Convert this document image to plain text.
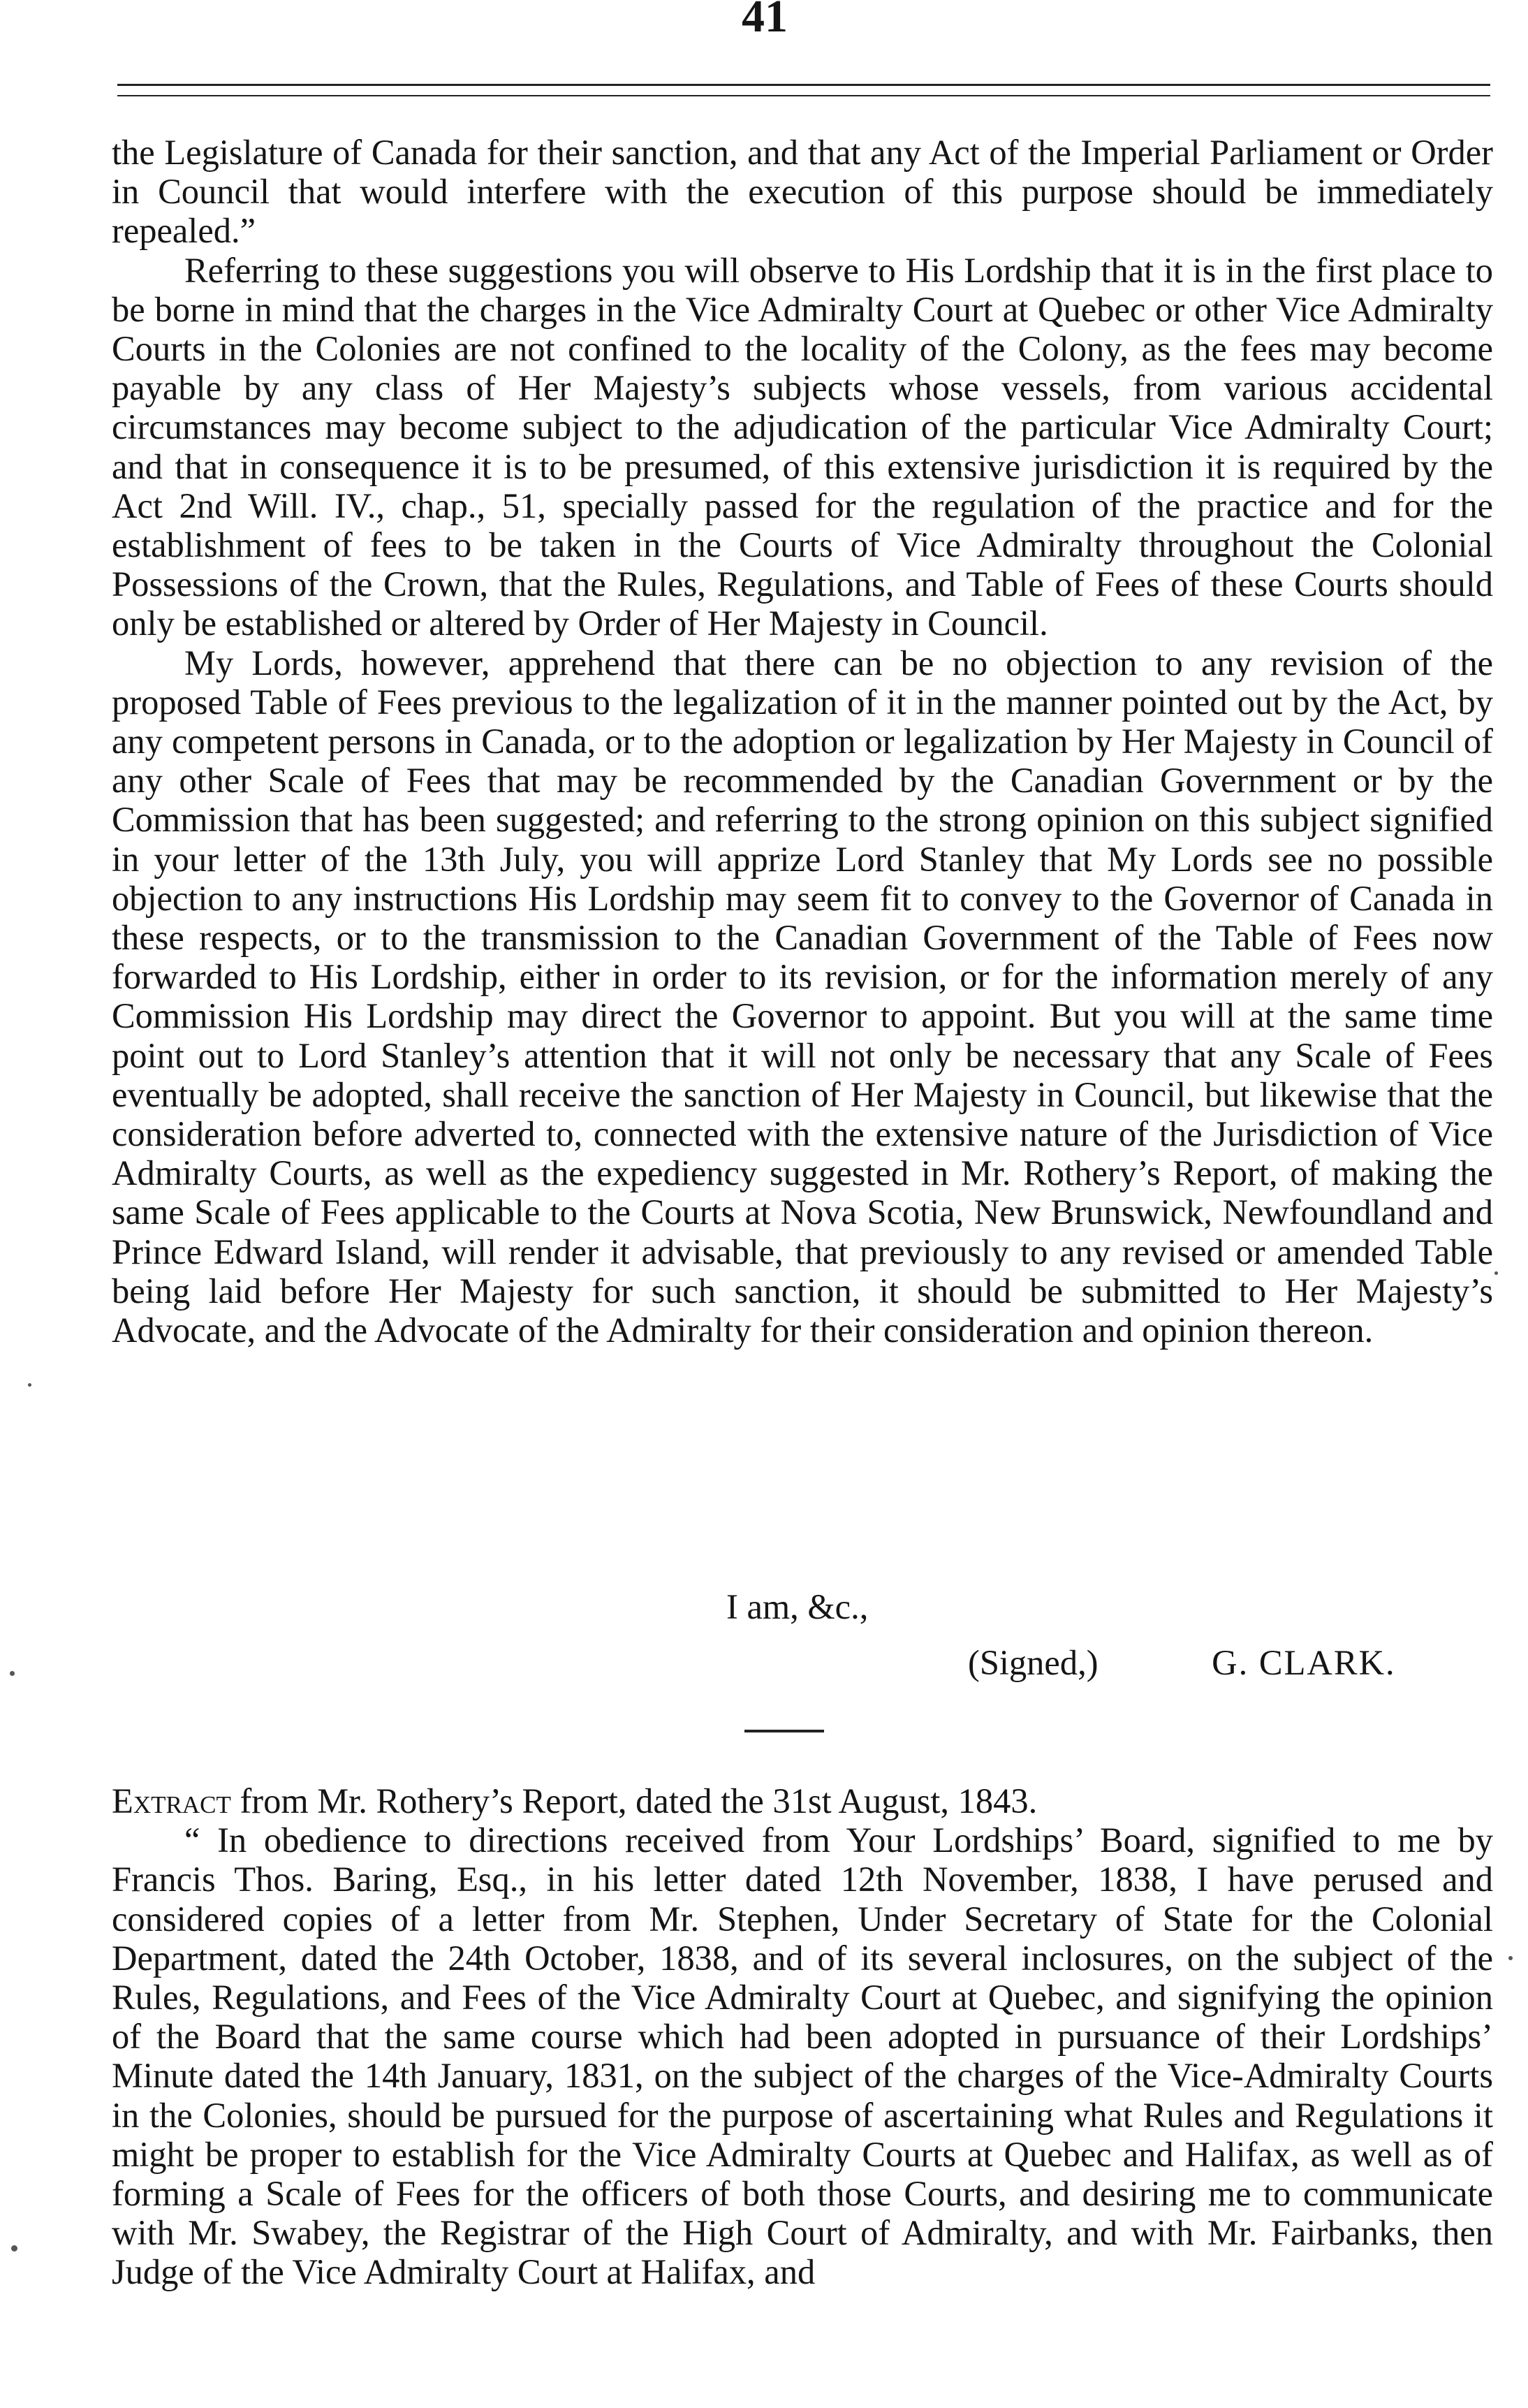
41

the Legislature of Canada for their sanction, and that any Act of the Imperial Parliament or Order in Council that would interfere with the execution of this purpose should be immediately repealed.”

Referring to these suggestions you will observe to His Lordship that it is in the first place to be borne in mind that the charges in the Vice Admiralty Court at Quebec or other Vice Admiralty Courts in the Colonies are not confined to the locality of the Colony, as the fees may become payable by any class of Her Majesty’s subjects whose vessels, from various accidental circumstances may become subject to the adjudication of the particular Vice Admiralty Court; and that in consequence it is to be presumed, of this extensive jurisdiction it is required by the Act 2nd Will. IV., chap., 51, specially passed for the regulation of the practice and for the establishment of fees to be taken in the Courts of Vice Admiralty throughout the Colonial Possessions of the Crown, that the Rules, Regulations, and Table of Fees of these Courts should only be established or altered by Order of Her Majesty in Council.

My Lords, however, apprehend that there can be no objection to any revision of the proposed Table of Fees previous to the legalization of it in the manner pointed out by the Act, by any competent persons in Canada, or to the adoption or legalization by Her Majesty in Council of any other Scale of Fees that may be recommended by the Canadian Government or by the Commission that has been suggested; and referring to the strong opinion on this subject signified in your letter of the 13th July, you will apprize Lord Stanley that My Lords see no possible objection to any instructions His Lordship may seem fit to convey to the Governor of Canada in these respects, or to the transmission to the Canadian Government of the Table of Fees now forwarded to His Lordship, either in order to its revision, or for the information merely of any Commission His Lordship may direct the Governor to appoint. But you will at the same time point out to Lord Stanley’s attention that it will not only be necessary that any Scale of Fees eventually be adopted, shall receive the sanction of Her Majesty in Council, but likewise that the consideration before adverted to, connected with the extensive nature of the Jurisdiction of Vice Admiralty Courts, as well as the expediency suggested in Mr. Rothery’s Report, of making the same Scale of Fees applicable to the Courts at Nova Scotia, New Brunswick, Newfoundland and Prince Edward Island, will render it advisable, that previously to any revised or amended Table being laid before Her Majesty for such sanction, it should be submitted to Her Majesty’s Advocate, and the Advocate of the Admiralty for their consideration and opinion thereon.

I am, &c.,
(Signed,)	G. CLARK.

Extract from Mr. Rothery’s Report, dated the 31st August, 1843.

“ In obedience to directions received from Your Lordships’ Board, signified to me by Francis Thos. Baring, Esq., in his letter dated 12th November, 1838, I have perused and considered copies of a letter from Mr. Stephen, Under Secretary of State for the Colonial Department, dated the 24th October, 1838, and of its several inclosures, on the subject of the Rules, Regulations, and Fees of the Vice Admiralty Court at Quebec, and signifying the opinion of the Board that the same course which had been adopted in pursuance of their Lordships’ Minute dated the 14th January, 1831, on the subject of the charges of the Vice-Admiralty Courts in the Colonies, should be pursued for the purpose of ascertaining what Rules and Regulations it might be proper to establish for the Vice Admiralty Courts at Quebec and Halifax, as well as of forming a Scale of Fees for the officers of both those Courts, and desiring me to communicate with Mr. Swabey, the Registrar of the High Court of Admiralty, and with Mr. Fairbanks, then Judge of the Vice Admiralty Court at Halifax, and
